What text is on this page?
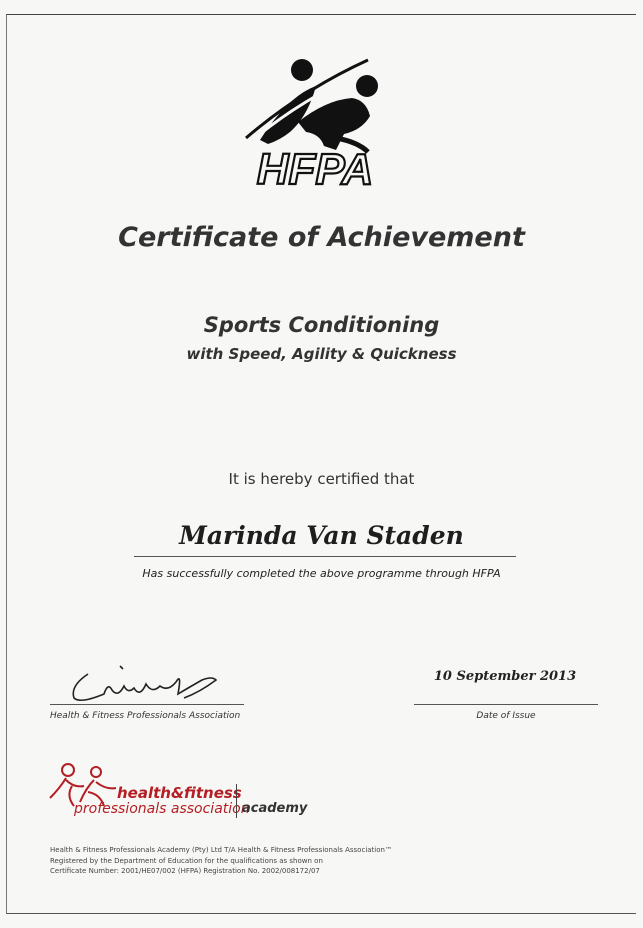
HFPA
Certificate of Achievement
Sports Conditioning
with Speed, Agility & Quickness
It is hereby certified that
Marinda Van Staden
Has successfully completed the above programme through HFPA
Health & Fitness Professionals Association
10 September 2013
Date of Issue
health&fitness
professionals association
academy
Health & Fitness Professionals Academy (Pty) Ltd T/A Health & Fitness Professionals Association™
Registered by the Department of Education for the qualifications as shown on
Certificate Number: 2001/HE07/002 (HFPA) Registration No. 2002/008172/07
